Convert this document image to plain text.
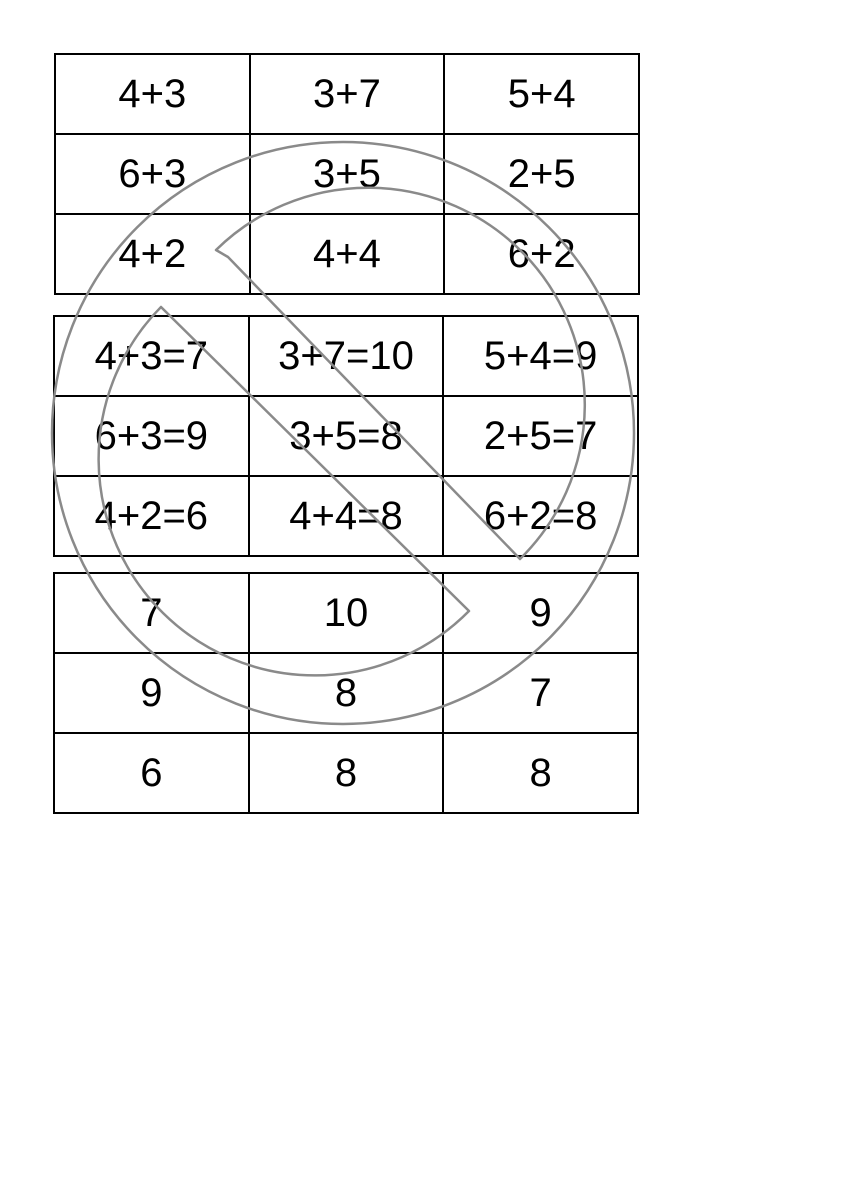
4+3	3+7	5+4
6+3	3+5	2+5
4+2	4+4	6+2
4+3=7	3+7=10	5+4=9
6+3=9	3+5=8	2+5=7
4+2=6	4+4=8	6+2=8
7	10	9
9	8	7
6	8	8
